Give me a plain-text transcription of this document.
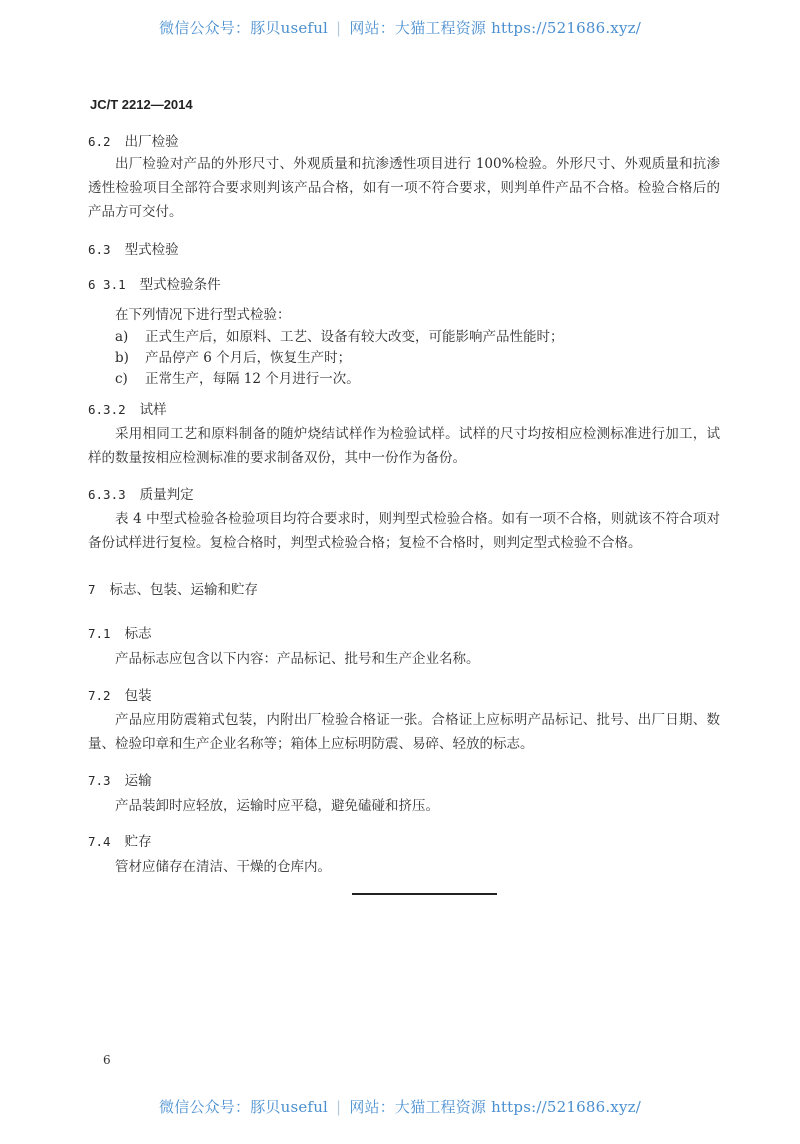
微信公众号：豚贝useful | 网站：大猫工程资源 https://521686.xyz/
JC/T 2212—2014
6.2 出厂检验
出厂检验对产品的外形尺寸、外观质量和抗渗透性项目进行 100%检验。外形尺寸、外观质量和抗渗透性检验项目全部符合要求则判该产品合格，如有一项不符合要求，则判单件产品不合格。检验合格后的产品方可交付。
6.3 型式检验
6 3.1 型式检验条件
在下列情况下进行型式检验：
a) 正式生产后，如原料、工艺、设备有较大改变，可能影响产品性能时；
b) 产品停产 6 个月后，恢复生产时；
c) 正常生产，每隔 12 个月进行一次。
6.3.2 试样
采用相同工艺和原料制备的随炉烧结试样作为检验试样。试样的尺寸均按相应检测标准进行加工，试样的数量按相应检测标准的要求制备双份，其中一份作为备份。
6.3.3 质量判定
表 4 中型式检验各检验项目均符合要求时，则判型式检验合格。如有一项不合格，则就该不符合项对备份试样进行复检。复检合格时，判型式检验合格；复检不合格时，则判定型式检验不合格。
7 标志、包装、运输和贮存
7.1 标志
产品标志应包含以下内容：产品标记、批号和生产企业名称。
7.2 包装
产品应用防震箱式包装，内附出厂检验合格证一张。合格证上应标明产品标记、批号、出厂日期、数量、检验印章和生产企业名称等；箱体上应标明防震、易碎、轻放的标志。
7.3 运输
产品装卸时应轻放，运输时应平稳，避免磕碰和挤压。
7.4 贮存
管材应储存在清洁、干燥的仓库内。
6
微信公众号：豚贝useful | 网站：大猫工程资源 https://521686.xyz/
